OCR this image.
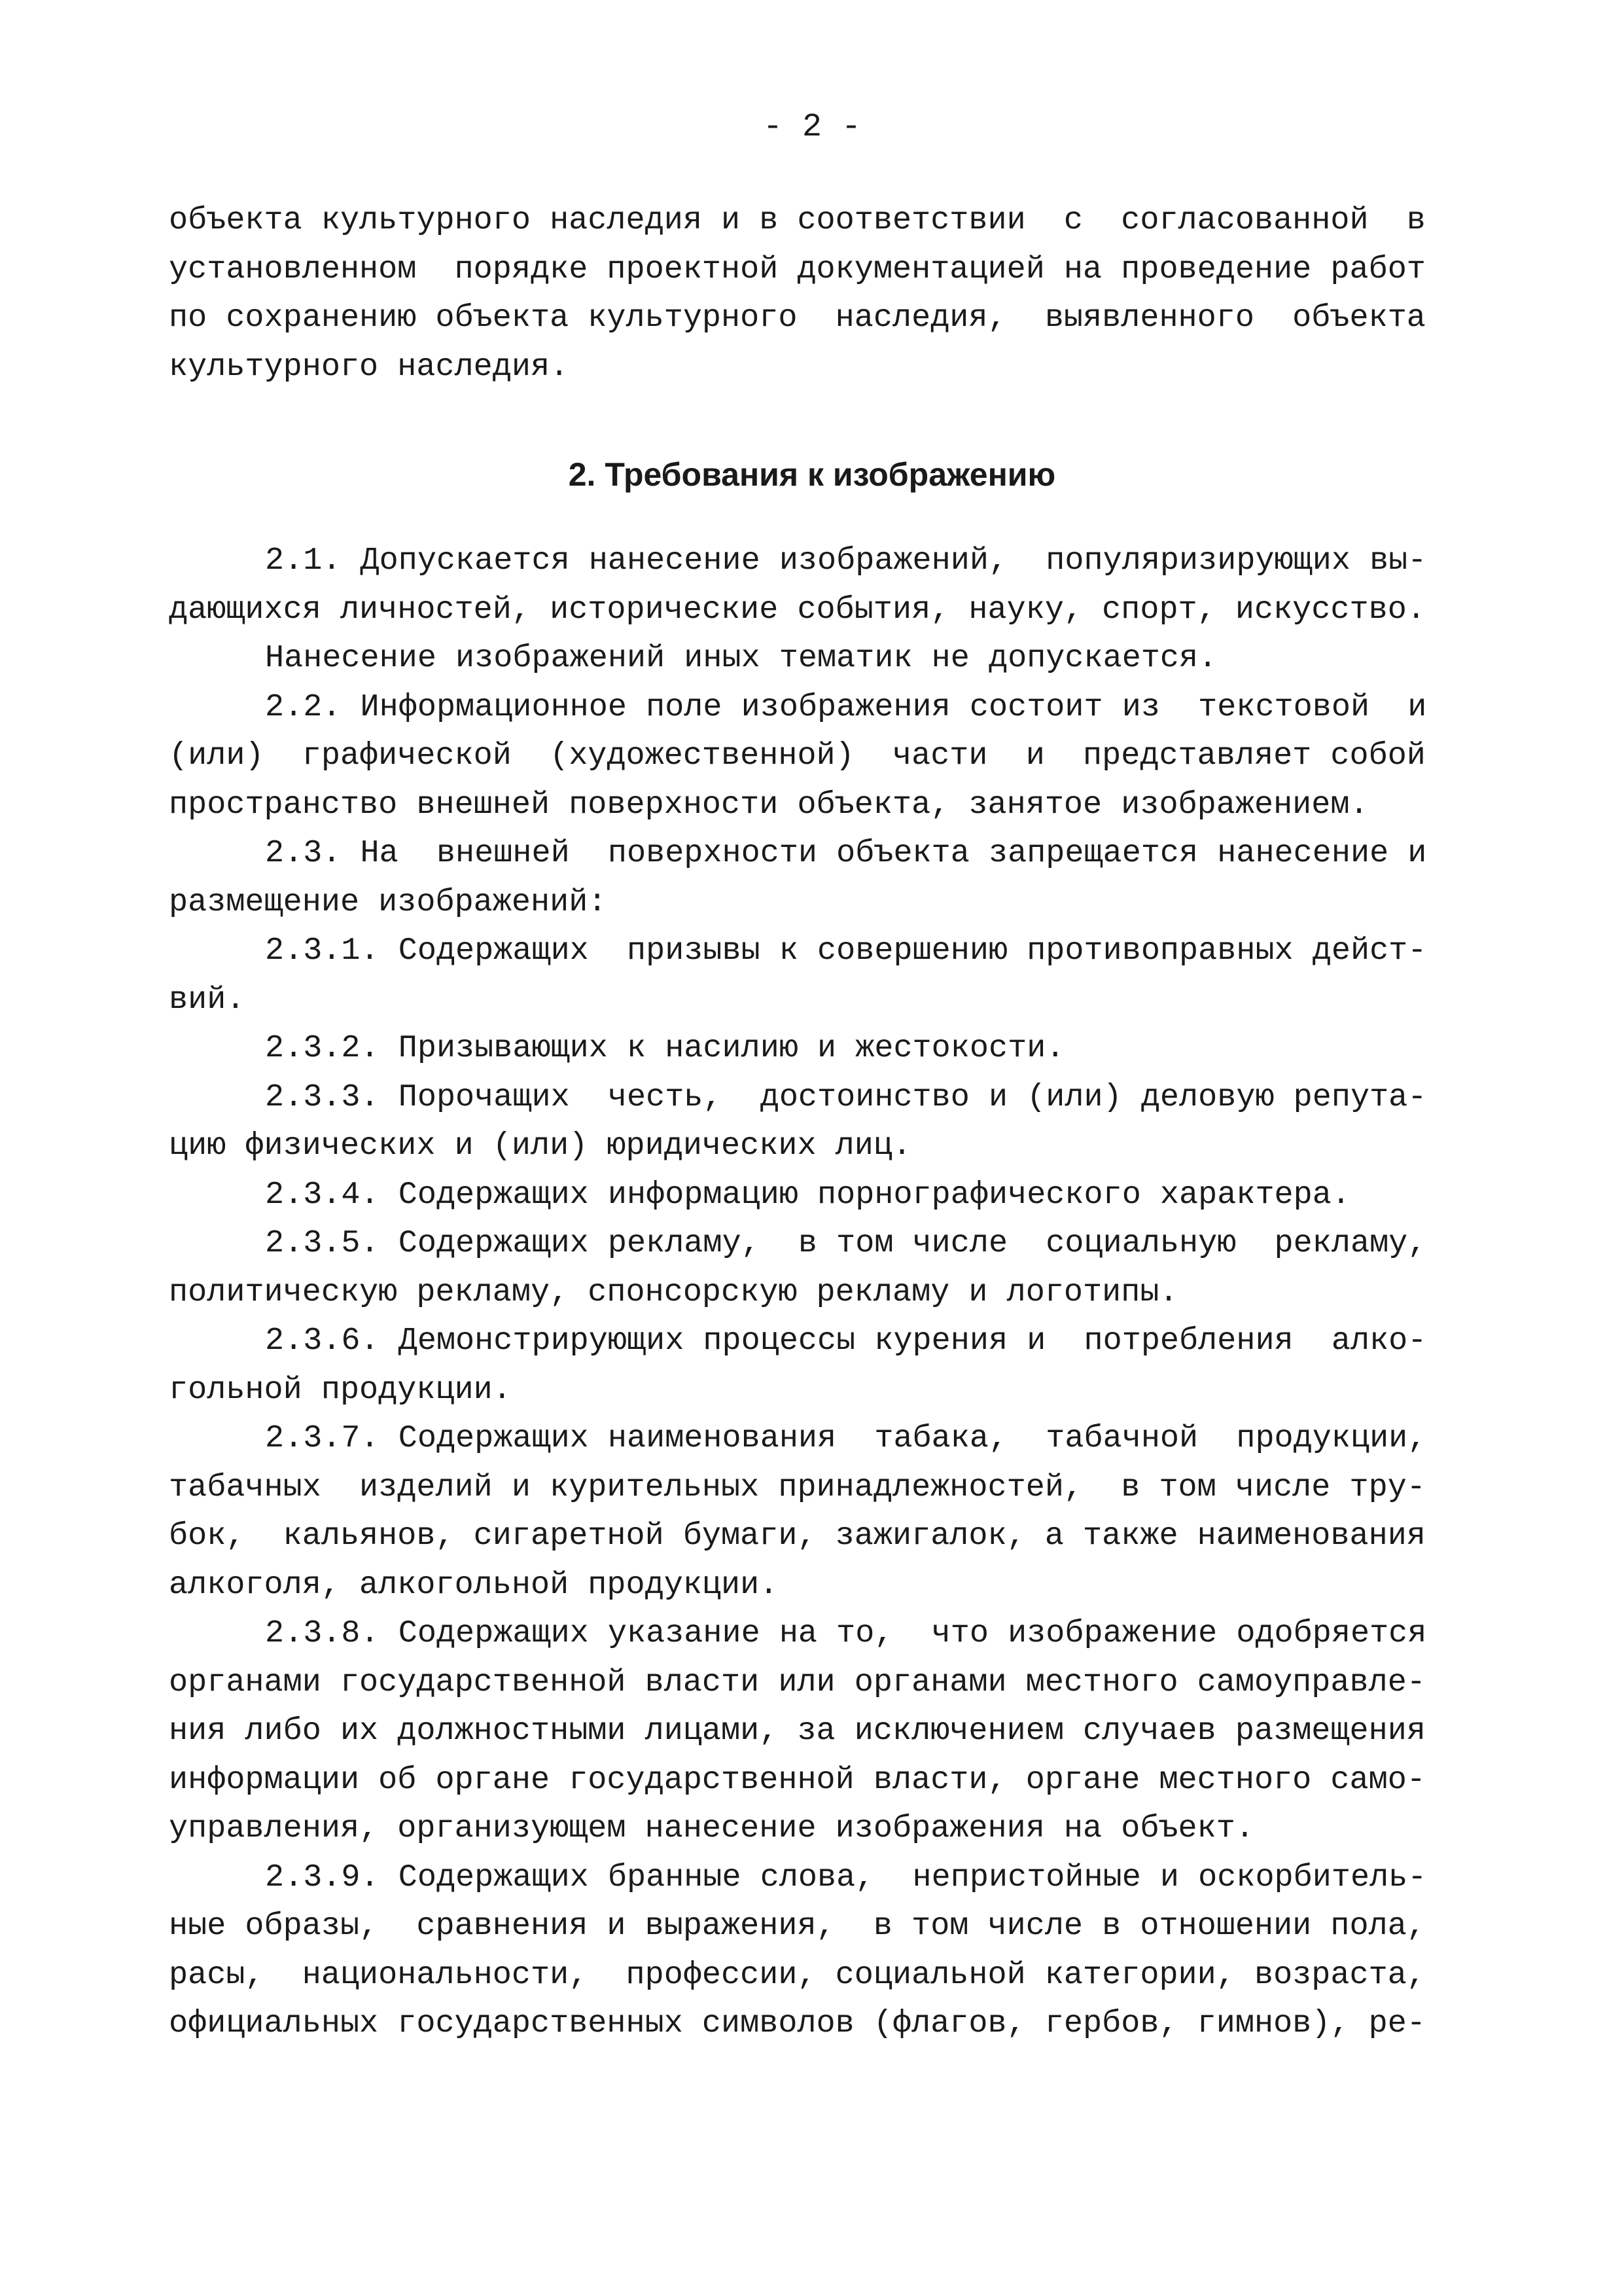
- 2 -
объекта культурного наследия и в соответствии  с  согласованной  в
установленном  порядке проектной документацией на проведение работ
по сохранению объекта культурного  наследия,  выявленного  объекта
культурного наследия.
2. Требования к изображению
2.1. Допускается нанесение изображений,  популяризирующих вы-
дающихся личностей, исторические события, науку, спорт, искусство.
Нанесение изображений иных тематик не допускается.
2.2. Информационное поле изображения состоит из  текстовой  и
(или)  графической  (художественной)  части  и  представляет собой
пространство внешней поверхности объекта, занятое изображением.
2.3. На  внешней  поверхности объекта запрещается нанесение и
размещение изображений:
2.3.1. Содержащих  призывы к совершению противоправных дейст-
вий.
2.3.2. Призывающих к насилию и жестокости.
2.3.3. Порочащих  честь,  достоинство и (или) деловую репута-
цию физических и (или) юридических лиц.
2.3.4. Содержащих информацию порнографического характера.
2.3.5. Содержащих рекламу,  в том числе  социальную  рекламу,
политическую рекламу, спонсорскую рекламу и логотипы.
2.3.6. Демонстрирующих процессы курения и  потребления  алко-
гольной продукции.
2.3.7. Содержащих наименования  табака,  табачной  продукции,
табачных  изделий и курительных принадлежностей,  в том числе тру-
бок,  кальянов, сигаретной бумаги, зажигалок, а также наименования
алкоголя, алкогольной продукции.
2.3.8. Содержащих указание на то,  что изображение одобряется
органами государственной власти или органами местного самоуправле-
ния либо их должностными лицами, за исключением случаев размещения
информации об органе государственной власти, органе местного само-
управления, организующем нанесение изображения на объект.
2.3.9. Содержащих бранные слова,  непристойные и оскорбитель-
ные образы,  сравнения и выражения,  в том числе в отношении пола,
расы,  национальности,  профессии, социальной категории, возраста,
официальных государственных символов (флагов, гербов, гимнов), ре-
